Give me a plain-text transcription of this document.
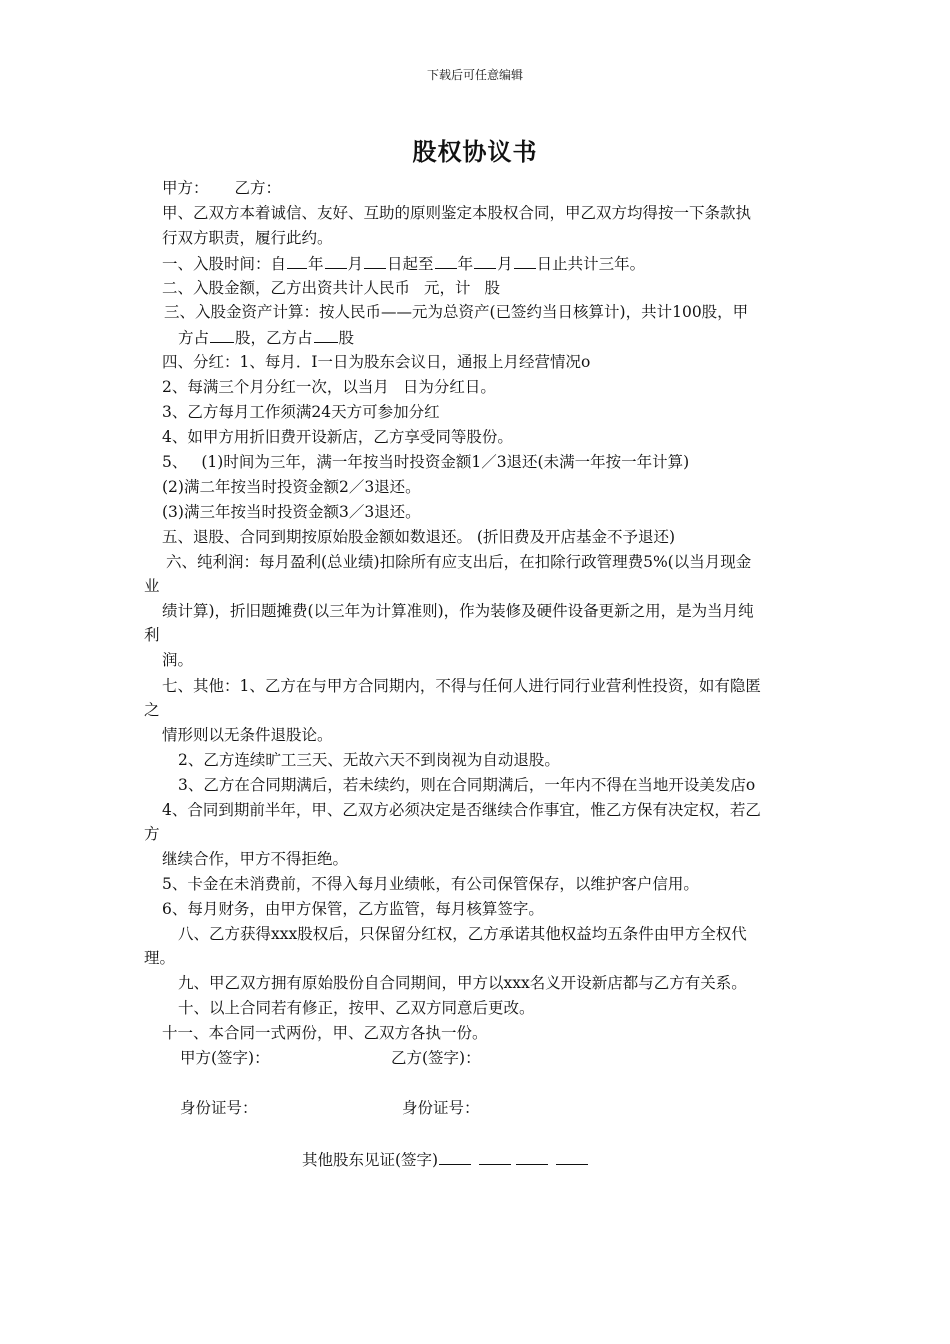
下载后可任意编辑
股权协议书
甲方： 乙方：
甲、乙双方本着诚信、友好、互助的原则鉴定本股权合同，甲乙双方均得按一下条款执
行双方职责，履行此约。
一、入股时间：自 年 月 日起至 年 月 日止共计三年。
二、入股金额，乙方出资共计人民币 元，计 股
三、入股金资产计算：按人民币——元为总资产(已签约当日核算计)，共计100股，甲
方占 股，乙方占 股
四、分红：1、每月．I一日为股东会议日，通报上月经营情况o
2、每满三个月分红一次，以当月 日为分红日。
3、乙方每月工作须满24天方可参加分红
4、如甲方用折旧费开设新店，乙方享受同等股份。
5、 (1)时间为三年，满一年按当时投资金额1／3退还(未满一年按一年计算)
(2)满二年按当时投资金额2／3退还。
(3)满三年按当时投资金额3／3退还。
五、退股、合同到期按原始股金额如数退还。 (折旧费及开店基金不予退还)
六、纯利润：每月盈利(总业绩)扣除所有应支出后，在扣除行政管理费5%(以当月现金
业
绩计算)，折旧题摊费(以三年为计算准则)，作为装修及硬件设备更新之用，是为当月纯
利
润。
七、其他：1、乙方在与甲方合同期内，不得与任何人进行同行业营利性投资，如有隐匿
之
情形则以无条件退股论。
2、乙方连续旷工三天、无故六天不到岗视为自动退股。
3、乙方在合同期满后，若未续约，则在合同期满后，一年内不得在当地开设美发店o
4、合同到期前半年，甲、乙双方必须决定是否继续合作事宜，惟乙方保有决定权，若乙
方
继续合作，甲方不得拒绝。
5、卡金在未消费前，不得入每月业绩帐，有公司保管保存，以维护客户信用。
6、每月财务，由甲方保管，乙方监管，每月核算签字。
八、乙方获得xxx股权后，只保留分红权，乙方承诺其他权益均五条件由甲方全权代
理。
九、甲乙双方拥有原始股份自合同期间，甲方以xxx名义开设新店都与乙方有关系。
十、以上合同若有修正，按甲、乙双方同意后更改。
十一、本合同一式两份，甲、乙双方各执一份。
甲方(签字)：	乙方(签字)：
身份证号：	身份证号：
其他股东见证(签字)
